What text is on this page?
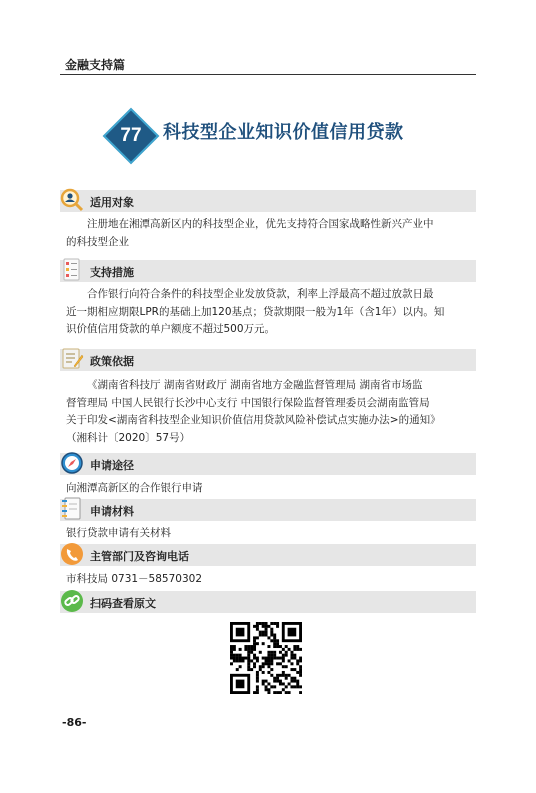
金融支持篇
77	科技型企业知识价值信用贷款
适用对象
注册地在湘潭高新区内的科技型企业，优先支持符合国家战略性新兴产业中
的科技型企业
支持措施
合作银行向符合条件的科技型企业发放贷款，利率上浮最高不超过放款日最
近一期相应期限LPR的基础上加120基点；贷款期限一般为1年（含1年）以内。知
识价值信用贷款的单户额度不超过500万元。
政策依据
《湖南省科技厅 湖南省财政厅 湖南省地方金融监督管理局 湖南省市场监
督管理局 中国人民银行长沙中心支行 中国银行保险监督管理委员会湖南监管局
关于印发<湖南省科技型企业知识价值信用贷款风险补偿试点实施办法>的通知》
（湘科计〔2020〕57号）
申请途径
向湘潭高新区的合作银行申请
申请材料
银行贷款申请有关材料
主管部门及咨询电话
市科技局 0731－58570302
扫码查看原文
-86-
